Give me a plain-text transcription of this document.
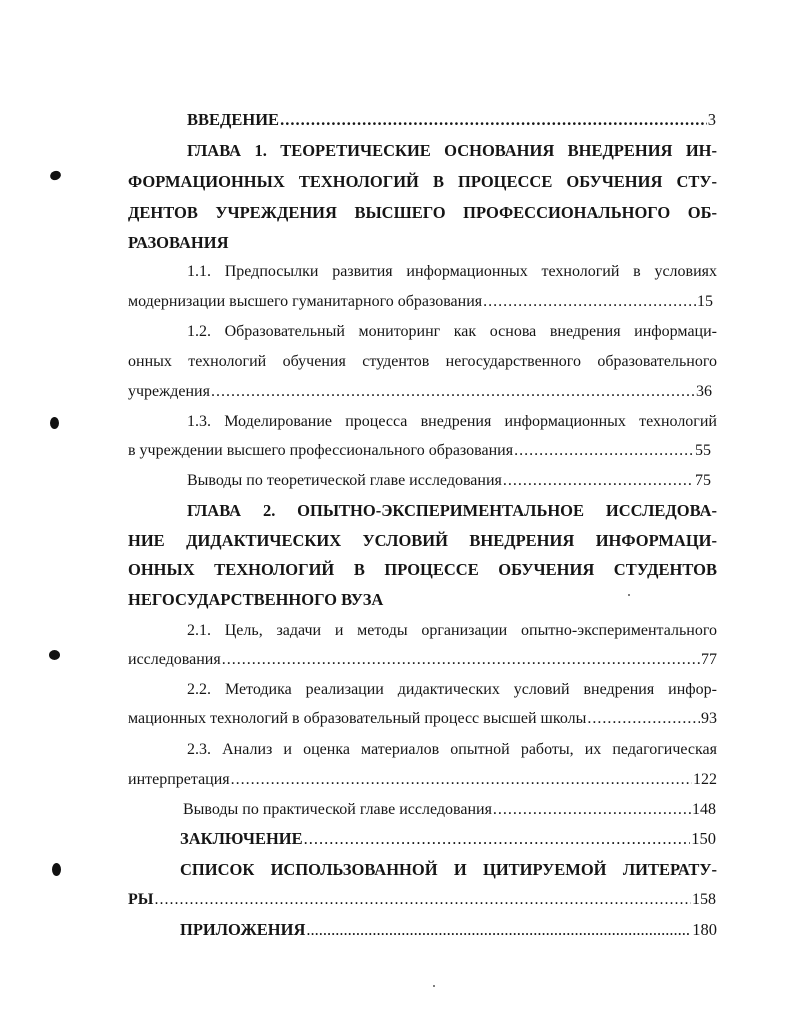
ВВЕДЕНИЕ .....	3
ГЛАВА 1. ТЕОРЕТИЧЕСКИЕ ОСНОВАНИЯ ВНЕДРЕНИЯ ИН-
ФОРМАЦИОННЫХ ТЕХНОЛОГИЙ В ПРОЦЕССЕ ОБУЧЕНИЯ СТУ-
ДЕНТОВ УЧРЕЖДЕНИЯ ВЫСШЕГО ПРОФЕССИОНАЛЬНОГО ОБ-
РАЗОВАНИЯ
1.1. Предпосылки развития информационных технологий в условиях
модернизации высшего гуманитарного образования .....	15
1.2. Образовательный мониторинг как основа внедрения информаци-
онных технологий обучения студентов негосударственного образовательного
учреждения .....	36
1.3. Моделирование процесса внедрения информационных технологий
в учреждении высшего профессионального образования .....	55
Выводы по теоретической главе исследования .....	75
ГЛАВА 2. ОПЫТНО-ЭКСПЕРИМЕНТАЛЬНОЕ ИССЛЕДОВА-
НИЕ ДИДАКТИЧЕСКИХ УСЛОВИЙ ВНЕДРЕНИЯ ИНФОРМАЦИ-
ОННЫХ ТЕХНОЛОГИЙ В ПРОЦЕССЕ ОБУЧЕНИЯ СТУДЕНТОВ
НЕГОСУДАРСТВЕННОГО ВУЗА
2.1. Цель, задачи и методы организации опытно-экспериментального
исследования .....	77
2.2. Методика реализации дидактических условий внедрения инфор-
мационных технологий в образовательный процесс высшей школы .....	93
2.3. Анализ и оценка материалов опытной работы, их педагогическая
интерпретация .....	122
Выводы по практической главе исследования .....	148
ЗАКЛЮЧЕНИЕ .....	150
СПИСОК ИСПОЛЬЗОВАННОЙ И ЦИТИРУЕМОЙ ЛИТЕРАТУ-
РЫ .....	158
ПРИЛОЖЕНИЯ .....	180
